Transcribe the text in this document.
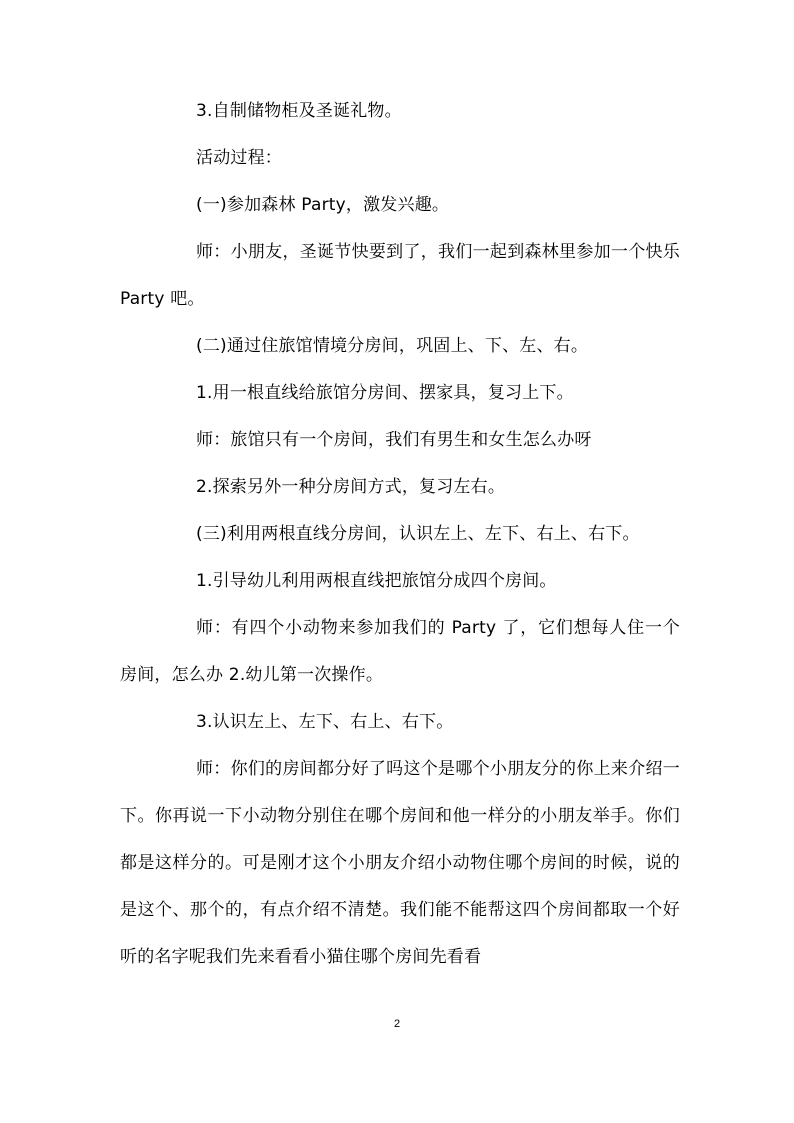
3.自制储物柜及圣诞礼物。

活动过程：

(一)参加森林 Party，激发兴趣。

师：小朋友，圣诞节快要到了，我们一起到森林里参加一个快乐 Party 吧。

(二)通过住旅馆情境分房间，巩固上、下、左、右。

1.用一根直线给旅馆分房间、摆家具，复习上下。

师：旅馆只有一个房间，我们有男生和女生怎么办呀

2.探索另外一种分房间方式，复习左右。

(三)利用两根直线分房间，认识左上、左下、右上、右下。

1.引导幼儿利用两根直线把旅馆分成四个房间。

师：有四个小动物来参加我们的 Party 了，它们想每人住一个房间，怎么办 2.幼儿第一次操作。

3.认识左上、左下、右上、右下。

师：你们的房间都分好了吗这个是哪个小朋友分的你上来介绍一下。你再说一下小动物分别住在哪个房间和他一样分的小朋友举手。你们都是这样分的。可是刚才这个小朋友介绍小动物住哪个房间的时候，说的是这个、那个的，有点介绍不清楚。我们能不能帮这四个房间都取一个好听的名字呢我们先来看看小猫住哪个房间先看看

2
